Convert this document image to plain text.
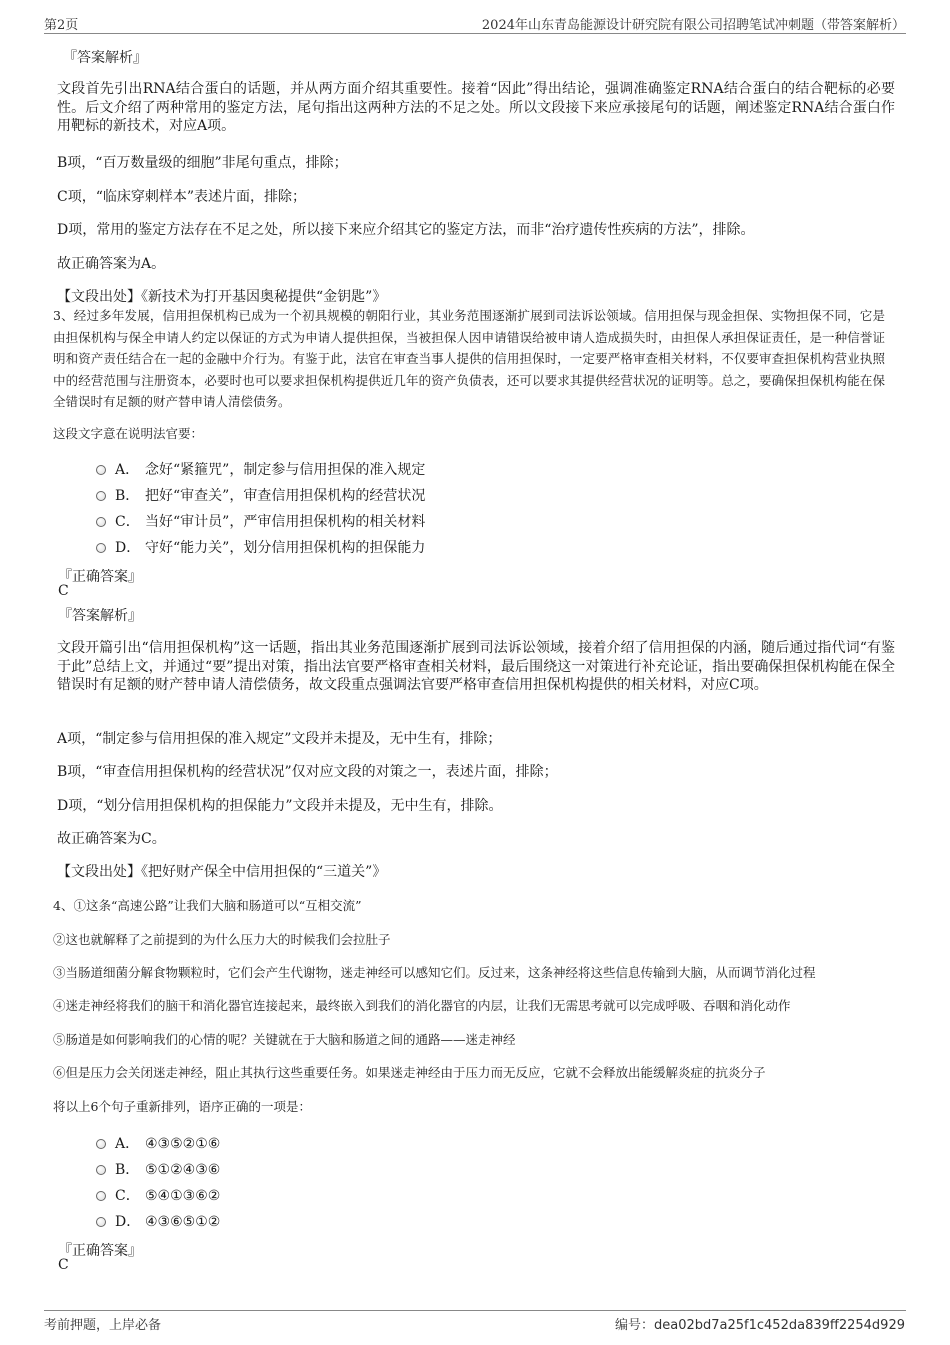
第2页	2024年山东青岛能源设计研究院有限公司招聘笔试冲刺题（带答案解析）
『答案解析』
文段首先引出RNA结合蛋白的话题，并从两方面介绍其重要性。接着“因此”得出结论，强调准确鉴定RNA结合蛋白的结合靶标的必要性。后文介绍了两种常用的鉴定方法，尾句指出这两种方法的不足之处。所以文段接下来应承接尾句的话题，阐述鉴定RNA结合蛋白作用靶标的新技术，对应A项。
B项，“百万数量级的细胞”非尾句重点，排除；
C项，“临床穿刺样本”表述片面，排除；
D项，常用的鉴定方法存在不足之处，所以接下来应介绍其它的鉴定方法，而非“治疗遗传性疾病的方法”，排除。
故正确答案为A。
【文段出处】《新技术为打开基因奥秘提供“金钥匙”》
3、经过多年发展，信用担保机构已成为一个初具规模的朝阳行业，其业务范围逐渐扩展到司法诉讼领域。信用担保与现金担保、实物担保不同，它是由担保机构与保全申请人约定以保证的方式为申请人提供担保，当被担保人因申请错误给被申请人造成损失时，由担保人承担保证责任，是一种信誉证明和资产责任结合在一起的金融中介行为。有鉴于此，法官在审查当事人提供的信用担保时，一定要严格审查相关材料，不仅要审查担保机构营业执照中的经营范围与注册资本，必要时也可以要求担保机构提供近几年的资产负债表，还可以要求其提供经营状况的证明等。总之，要确保担保机构能在保全错误时有足额的财产替申请人清偿债务。
这段文字意在说明法官要：
A． 念好“紧箍咒”，制定参与信用担保的准入规定
B． 把好“审查关”，审查信用担保机构的经营状况
C． 当好“审计员”，严审信用担保机构的相关材料
D． 守好“能力关”，划分信用担保机构的担保能力
『正确答案』
C
『答案解析』
文段开篇引出“信用担保机构”这一话题，指出其业务范围逐渐扩展到司法诉讼领域，接着介绍了信用担保的内涵，随后通过指代词“有鉴于此”总结上文，并通过“要”提出对策，指出法官要严格审查相关材料，最后围绕这一对策进行补充论证，指出要确保担保机构能在保全错误时有足额的财产替申请人清偿债务，故文段重点强调法官要严格审查信用担保机构提供的相关材料，对应C项。
A项，“制定参与信用担保的准入规定”文段并未提及，无中生有，排除；
B项，“审查信用担保机构的经营状况”仅对应文段的对策之一，表述片面，排除；
D项，“划分信用担保机构的担保能力”文段并未提及，无中生有，排除。
故正确答案为C。
【文段出处】《把好财产保全中信用担保的“三道关”》
4、①这条“高速公路”让我们大脑和肠道可以“互相交流”
②这也就解释了之前提到的为什么压力大的时候我们会拉肚子
③当肠道细菌分解食物颗粒时，它们会产生代谢物，迷走神经可以感知它们。反过来，这条神经将这些信息传输到大脑，从而调节消化过程
④迷走神经将我们的脑干和消化器官连接起来，最终嵌入到我们的消化器官的内层，让我们无需思考就可以完成呼吸、吞咽和消化动作
⑤肠道是如何影响我们的心情的呢？关键就在于大脑和肠道之间的通路——迷走神经
⑥但是压力会关闭迷走神经，阻止其执行这些重要任务。如果迷走神经由于压力而无反应，它就不会释放出能缓解炎症的抗炎分子
将以上6个句子重新排列，语序正确的一项是：
A． ④③⑤②①⑥
B． ⑤①②④③⑥
C． ⑤④①③⑥②
D． ④③⑥⑤①②
『正确答案』
C
考前押题，上岸必备	编号：dea02bd7a25f1c452da839ff2254d929
